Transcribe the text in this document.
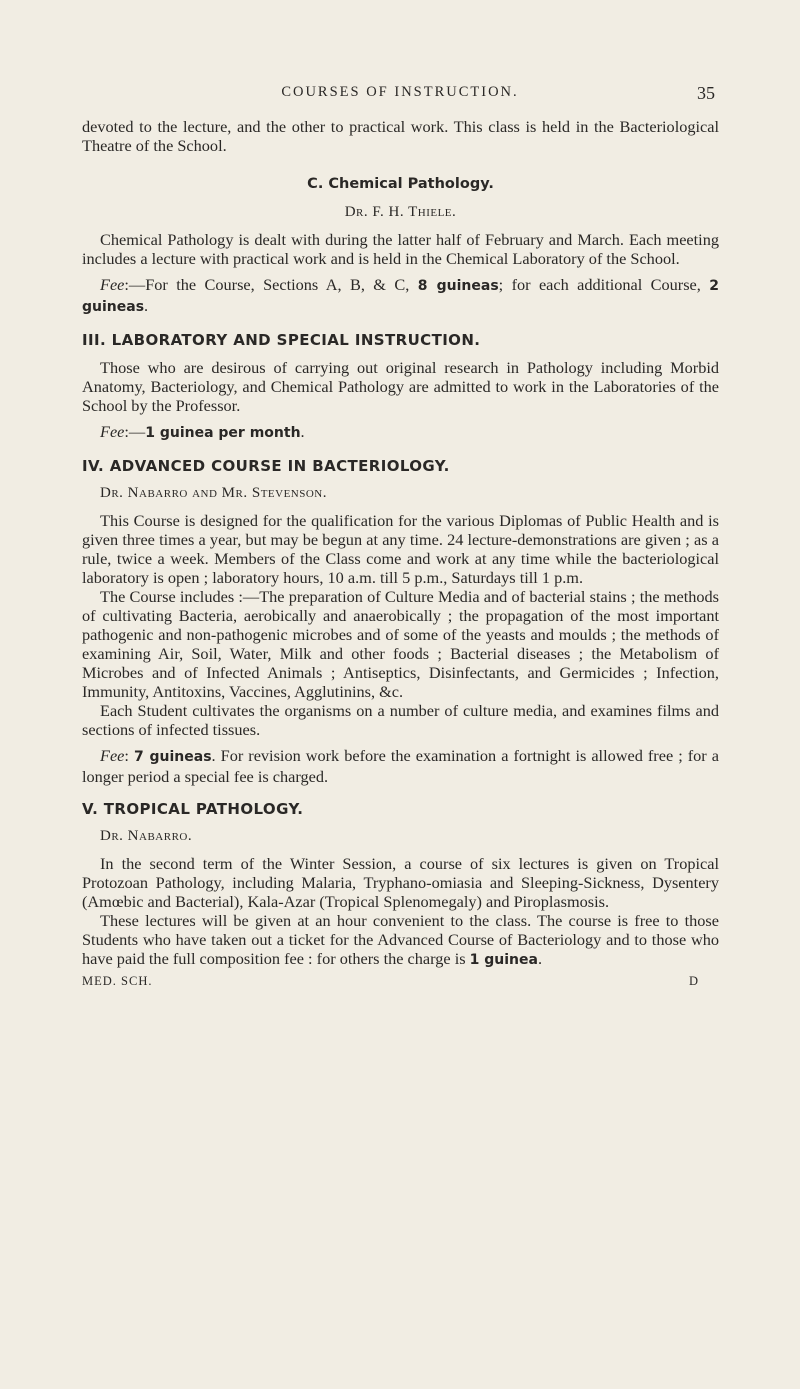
COURSES OF INSTRUCTION.	35

devoted to the lecture, and the other to practical work. This class is held in the Bacteriological Theatre of the School.

C. Chemical Pathology.
Dr. F. H. Thiele.

Chemical Pathology is dealt with during the latter half of February and March. Each meeting includes a lecture with practical work and is held in the Chemical Laboratory of the School.

Fee:—For the Course, Sections A, B, & C, 8 guineas; for each additional Course, 2 guineas.

III. LABORATORY AND SPECIAL INSTRUCTION.

Those who are desirous of carrying out original research in Pathology including Morbid Anatomy, Bacteriology, and Chemical Pathology are admitted to work in the Laboratories of the School by the Professor.

Fee:—1 guinea per month.

IV. ADVANCED COURSE IN BACTERIOLOGY.
Dr. Nabarro and Mr. Stevenson.

This Course is designed for the qualification for the various Diplomas of Public Health and is given three times a year, but may be begun at any time. 24 lecture-demonstrations are given ; as a rule, twice a week. Members of the Class come and work at any time while the bacteriological laboratory is open ; laboratory hours, 10 a.m. till 5 p.m., Saturdays till 1 p.m.

The Course includes :—The preparation of Culture Media and of bacterial stains ; the methods of cultivating Bacteria, aerobically and anaerobically ; the propagation of the most important pathogenic and non-pathogenic microbes and of some of the yeasts and moulds ; the methods of examining Air, Soil, Water, Milk and other foods ; Bacterial diseases ; the Metabolism of Microbes and of Infected Animals ; Antiseptics, Disinfectants, and Germicides ; Infection, Immunity, Antitoxins, Vaccines, Agglutinins, &c.

Each Student cultivates the organisms on a number of culture media, and examines films and sections of infected tissues.

Fee: 7 guineas. For revision work before the examination a fortnight is allowed free ; for a longer period a special fee is charged.

V. TROPICAL PATHOLOGY.
Dr. Nabarro.

In the second term of the Winter Session, a course of six lectures is given on Tropical Protozoan Pathology, including Malaria, Tryphano-omiasia and Sleeping-Sickness, Dysentery (Amœbic and Bacterial), Kala-Azar (Tropical Splenomegaly) and Piroplasmosis.

These lectures will be given at an hour convenient to the class. The course is free to those Students who have taken out a ticket for the Advanced Course of Bacteriology and to those who have paid the full composition fee : for others the charge is 1 guinea.

MED. SCH.	D
